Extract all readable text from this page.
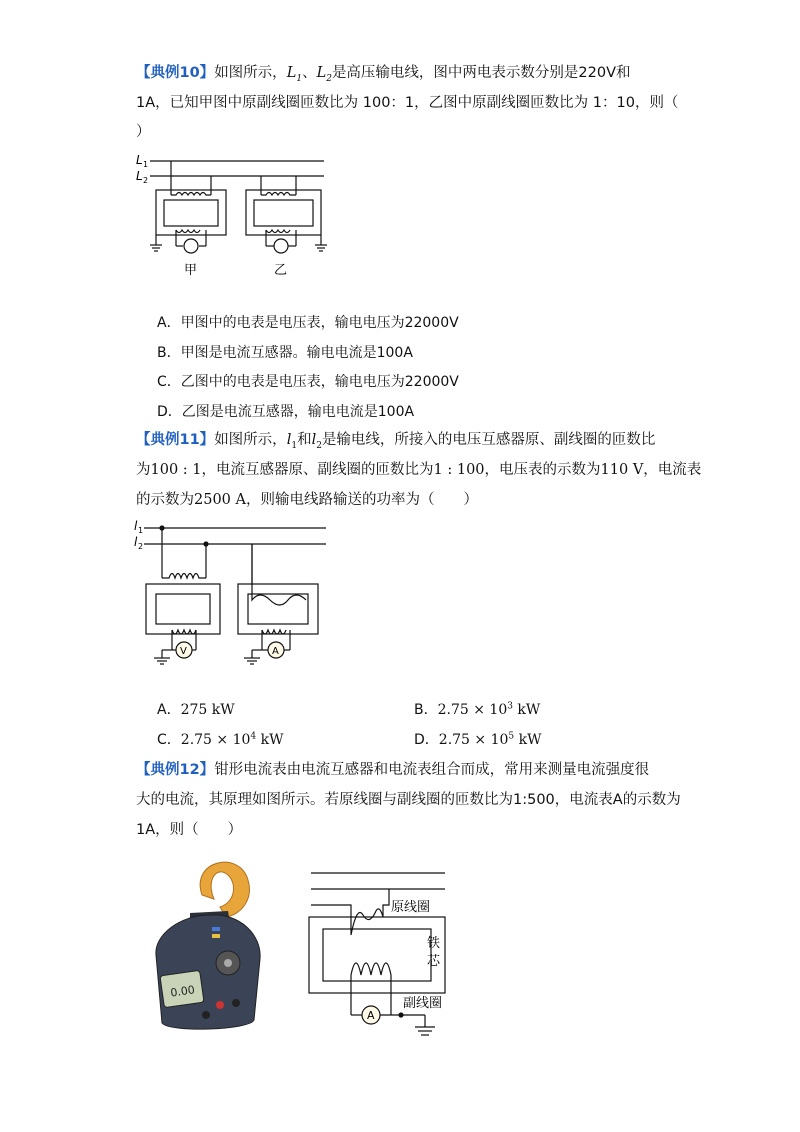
【典例10】如图所示，$L_1$、$L_2$是高压输电线，图中两电表示数分别是220V和
1A，已知甲图中原副线圈匝数比为 100：1，乙图中原副线圈匝数比为 1：10，则（
）
L 1
L 2
甲	乙
A．甲图中的电表是电压表，输电电压为22000V
B．甲图是电流互感器。输电电流是100A
C．乙图中的电表是电压表，输电电压为22000V
D．乙图是电流互感器，输电电流是100A
【典例11】如图所示，$l_1$和$l_2$是输电线，所接入的电压互感器原、副线圈的匝数比
为100 : 1，电流互感器原、副线圈的匝数比为1 : 100，电压表的示数为110 V，电流表
的示数为2500 A，则输电线路输送的功率为（　　）
l 1
l 2
V	A
A．275 kW	B．$2.75 \times 10^3$ kW
C．$2.75 \times 10^4$ kW	D．$2.75 \times 10^5$ kW
【典例12】钳形电流表由电流互感器和电流表组合而成，常用来测量电流强度很
大的电流，其原理如图所示。若原线圈与副线圈的匝数比为1:500，电流表A的示数为
1A，则（　　）
0.00
原线圈
铁
芯
副线圈
A
